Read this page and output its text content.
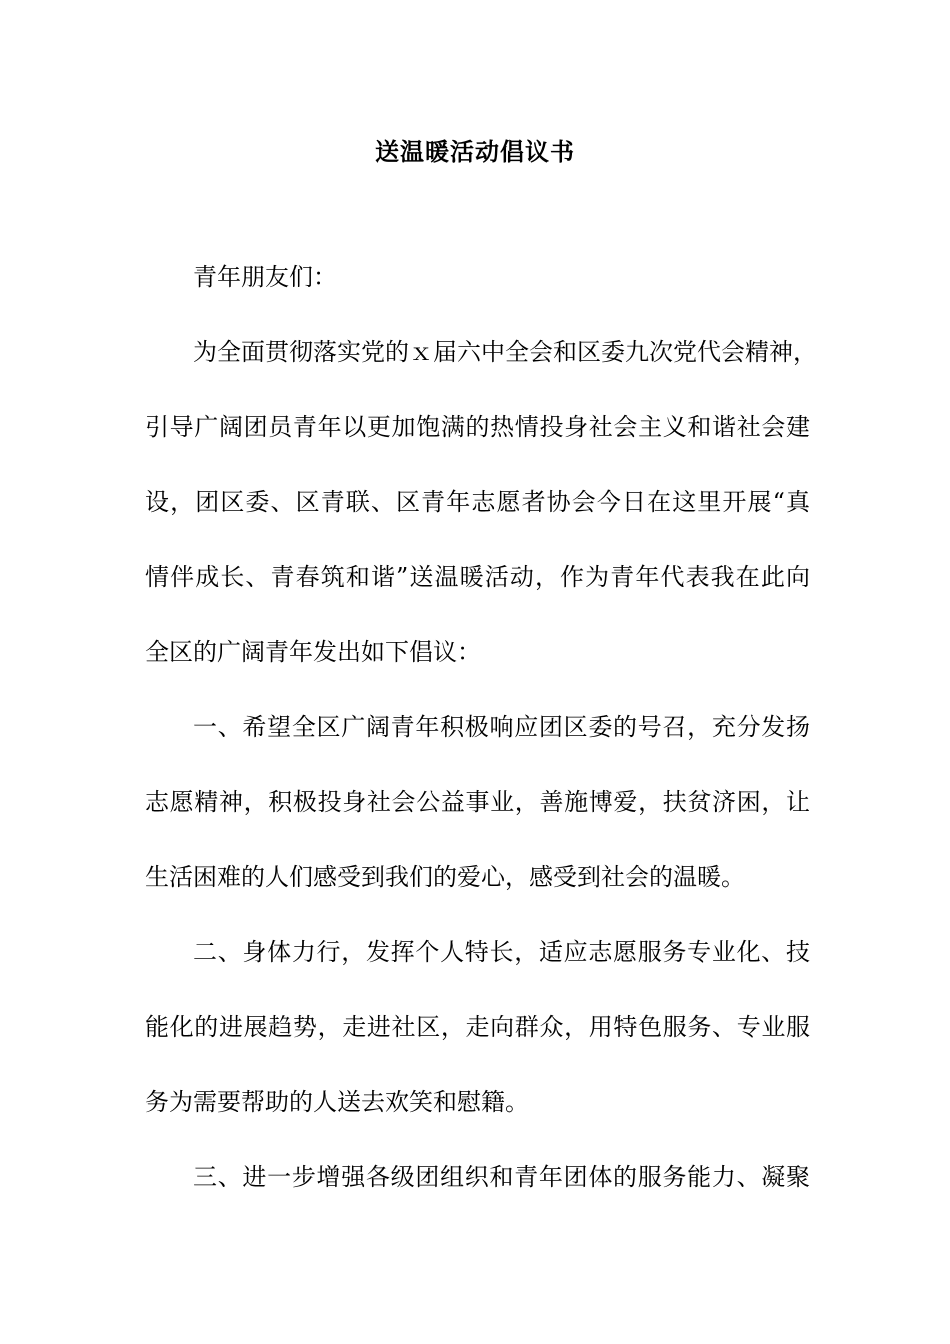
送温暖活动倡议书
青年朋友们：
为全面贯彻落实党的ｘ届六中全会和区委九次党代会精神，
引导广阔团员青年以更加饱满的热情投身社会主义和谐社会建
设，团区委、区青联、区青年志愿者协会今日在这里开展“真
情伴成长、青春筑和谐”送温暖活动，作为青年代表我在此向
全区的广阔青年发出如下倡议：
一、希望全区广阔青年积极响应团区委的号召，充分发扬
志愿精神，积极投身社会公益事业，善施博爱，扶贫济困，让
生活困难的人们感受到我们的爱心，感受到社会的温暖。
二、身体力行，发挥个人特长，适应志愿服务专业化、技
能化的进展趋势，走进社区，走向群众，用特色服务、专业服
务为需要帮助的人送去欢笑和慰籍。
三、进一步增强各级团组织和青年团体的服务能力、凝聚
